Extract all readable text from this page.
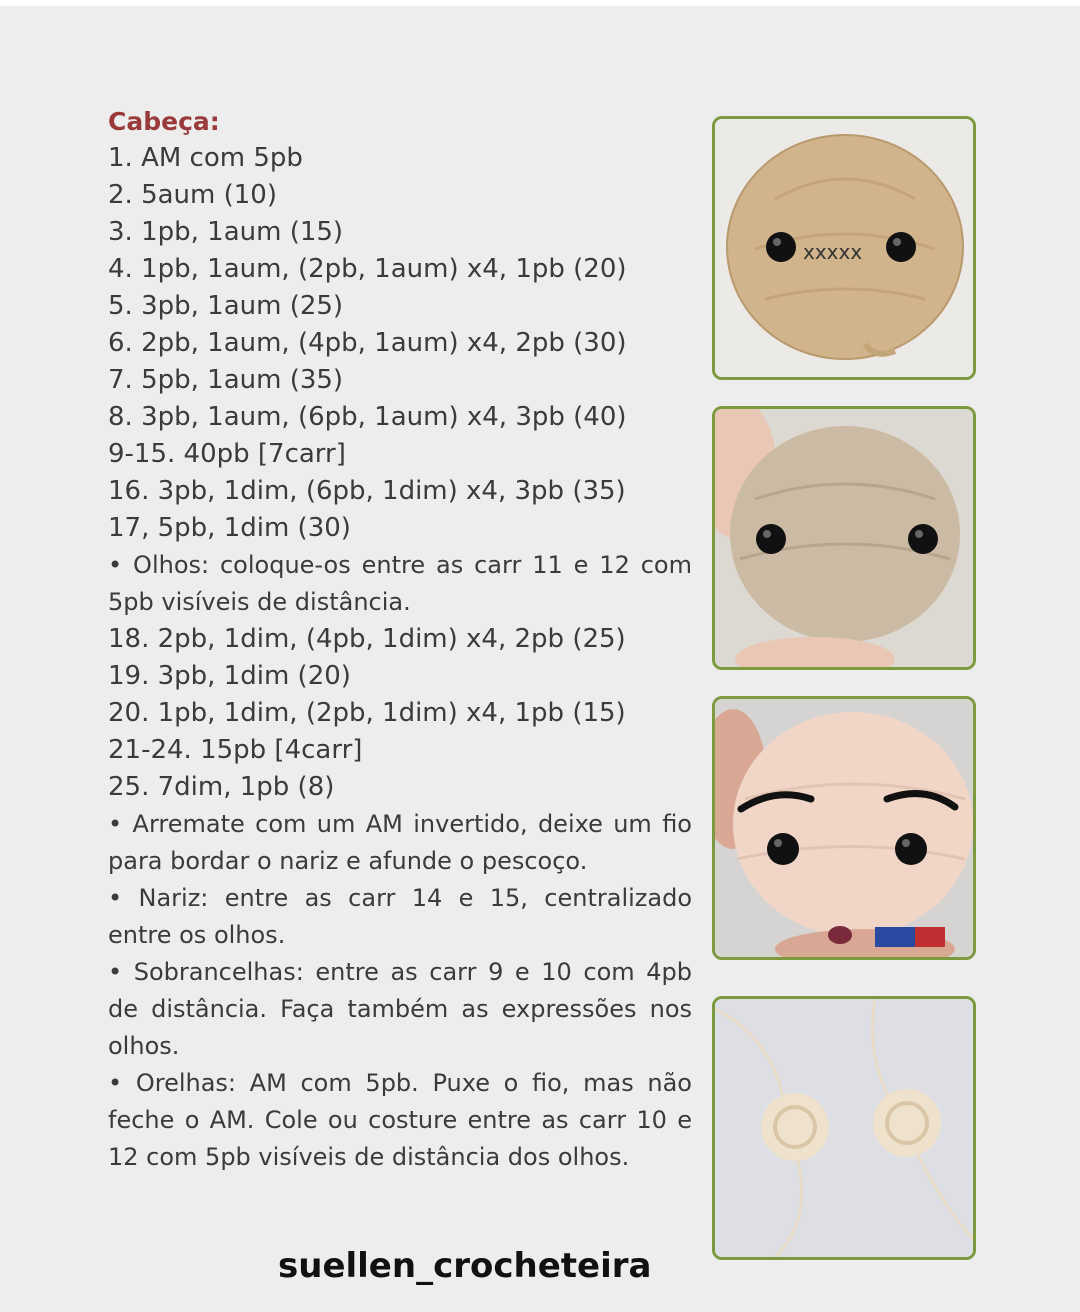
Cabeça:

1. AM com 5pb

2. 5aum (10)

3. 1pb, 1aum (15)

4. 1pb, 1aum, (2pb, 1aum) x4, 1pb (20)

5. 3pb, 1aum (25)

6. 2pb, 1aum, (4pb, 1aum) x4, 2pb (30)

7. 5pb, 1aum (35)

8. 3pb, 1aum, (6pb, 1aum) x4, 3pb (40)

9-15. 40pb [7carr]

16. 3pb, 1dim, (6pb, 1dim) x4, 3pb (35)

17, 5pb, 1dim (30)

• Olhos: coloque-os entre as carr 11 e 12 com 5pb visíveis de distância.

18. 2pb, 1dim, (4pb, 1dim) x4, 2pb (25)

19. 3pb, 1dim (20)

20. 1pb, 1dim, (2pb, 1dim) x4, 1pb (15)

21-24. 15pb [4carr]

25. 7dim, 1pb (8)

• Arremate com um AM invertido, deixe um fio para bordar o nariz e afunde o pescoço.

• Nariz: entre as carr 14 e 15, centralizado entre os olhos.

• Sobrancelhas: entre as carr 9 e 10 com 4pb de distância. Faça também as expressões nos olhos.

• Orelhas: AM com 5pb. Puxe o fio, mas não feche o AM. Cole ou costure entre as carr 10 e 12 com 5pb visíveis de distância dos olhos.

xxxxx

suellen_crocheteira
